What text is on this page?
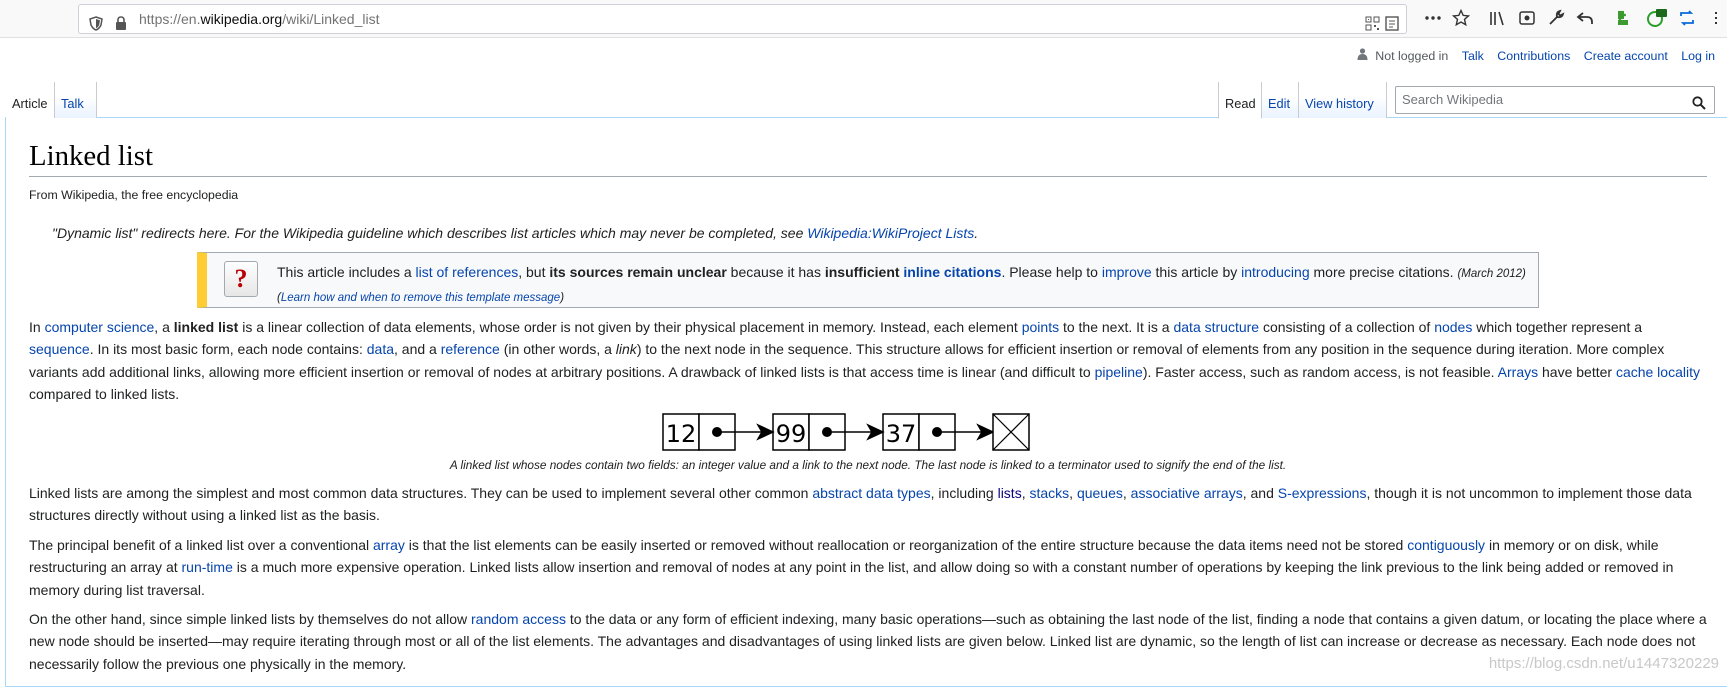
https://en.wikipedia.org/wiki/Linked_list
Not logged in Talk Contributions Create account Log in
Article	Talk	Read Edit	View history	Search Wikipedia
Linked list
From Wikipedia, the free encyclopedia
"Dynamic list" redirects here. For the Wikipedia guideline which describes list articles which may never be completed, see Wikipedia:WikiProject Lists.
?	This article includes a list of references, but its sources remain unclear because it has insufficient inline citations. Please help to improve this article by introducing more precise citations. (March 2012) (Learn how and when to remove this template message)

In computer science, a linked list is a linear collection of data elements, whose order is not given by their physical placement in memory. Instead, each element points to the next. It is a data structure consisting of a collection of nodes which together represent a sequence. In its most basic form, each node contains: data, and a reference (in other words, a link) to the next node in the sequence. This structure allows for efficient insertion or removal of elements from any position in the sequence during iteration. More complex variants add additional links, allowing more efficient insertion or removal of nodes at arbitrary positions. A drawback of linked lists is that access time is linear (and difficult to pipeline). Faster access, such as random access, is not feasible. Arrays have better cache locality compared to linked lists.

12	99	37
A linked list whose nodes contain two fields: an integer value and a link to the next node. The last node is linked to a terminator used to signify the end of the list.

Linked lists are among the simplest and most common data structures. They can be used to implement several other common abstract data types, including lists, stacks, queues, associative arrays, and S-expressions, though it is not uncommon to implement those data structures directly without using a linked list as the basis.

The principal benefit of a linked list over a conventional array is that the list elements can be easily inserted or removed without reallocation or reorganization of the entire structure because the data items need not be stored contiguously in memory or on disk, while restructuring an array at run-time is a much more expensive operation. Linked lists allow insertion and removal of nodes at any point in the list, and allow doing so with a constant number of operations by keeping the link previous to the link being added or removed in memory during list traversal.

On the other hand, since simple linked lists by themselves do not allow random access to the data or any form of efficient indexing, many basic operations—such as obtaining the last node of the list, finding a node that contains a given datum, or locating the place where a new node should be inserted—may require iterating through most or all of the list elements. The advantages and disadvantages of using linked lists are given below. Linked list are dynamic, so the length of list can increase or decrease as necessary. Each node does not necessarily follow the previous one physically in the memory.	https://blog.csdn.net/u1447320229
